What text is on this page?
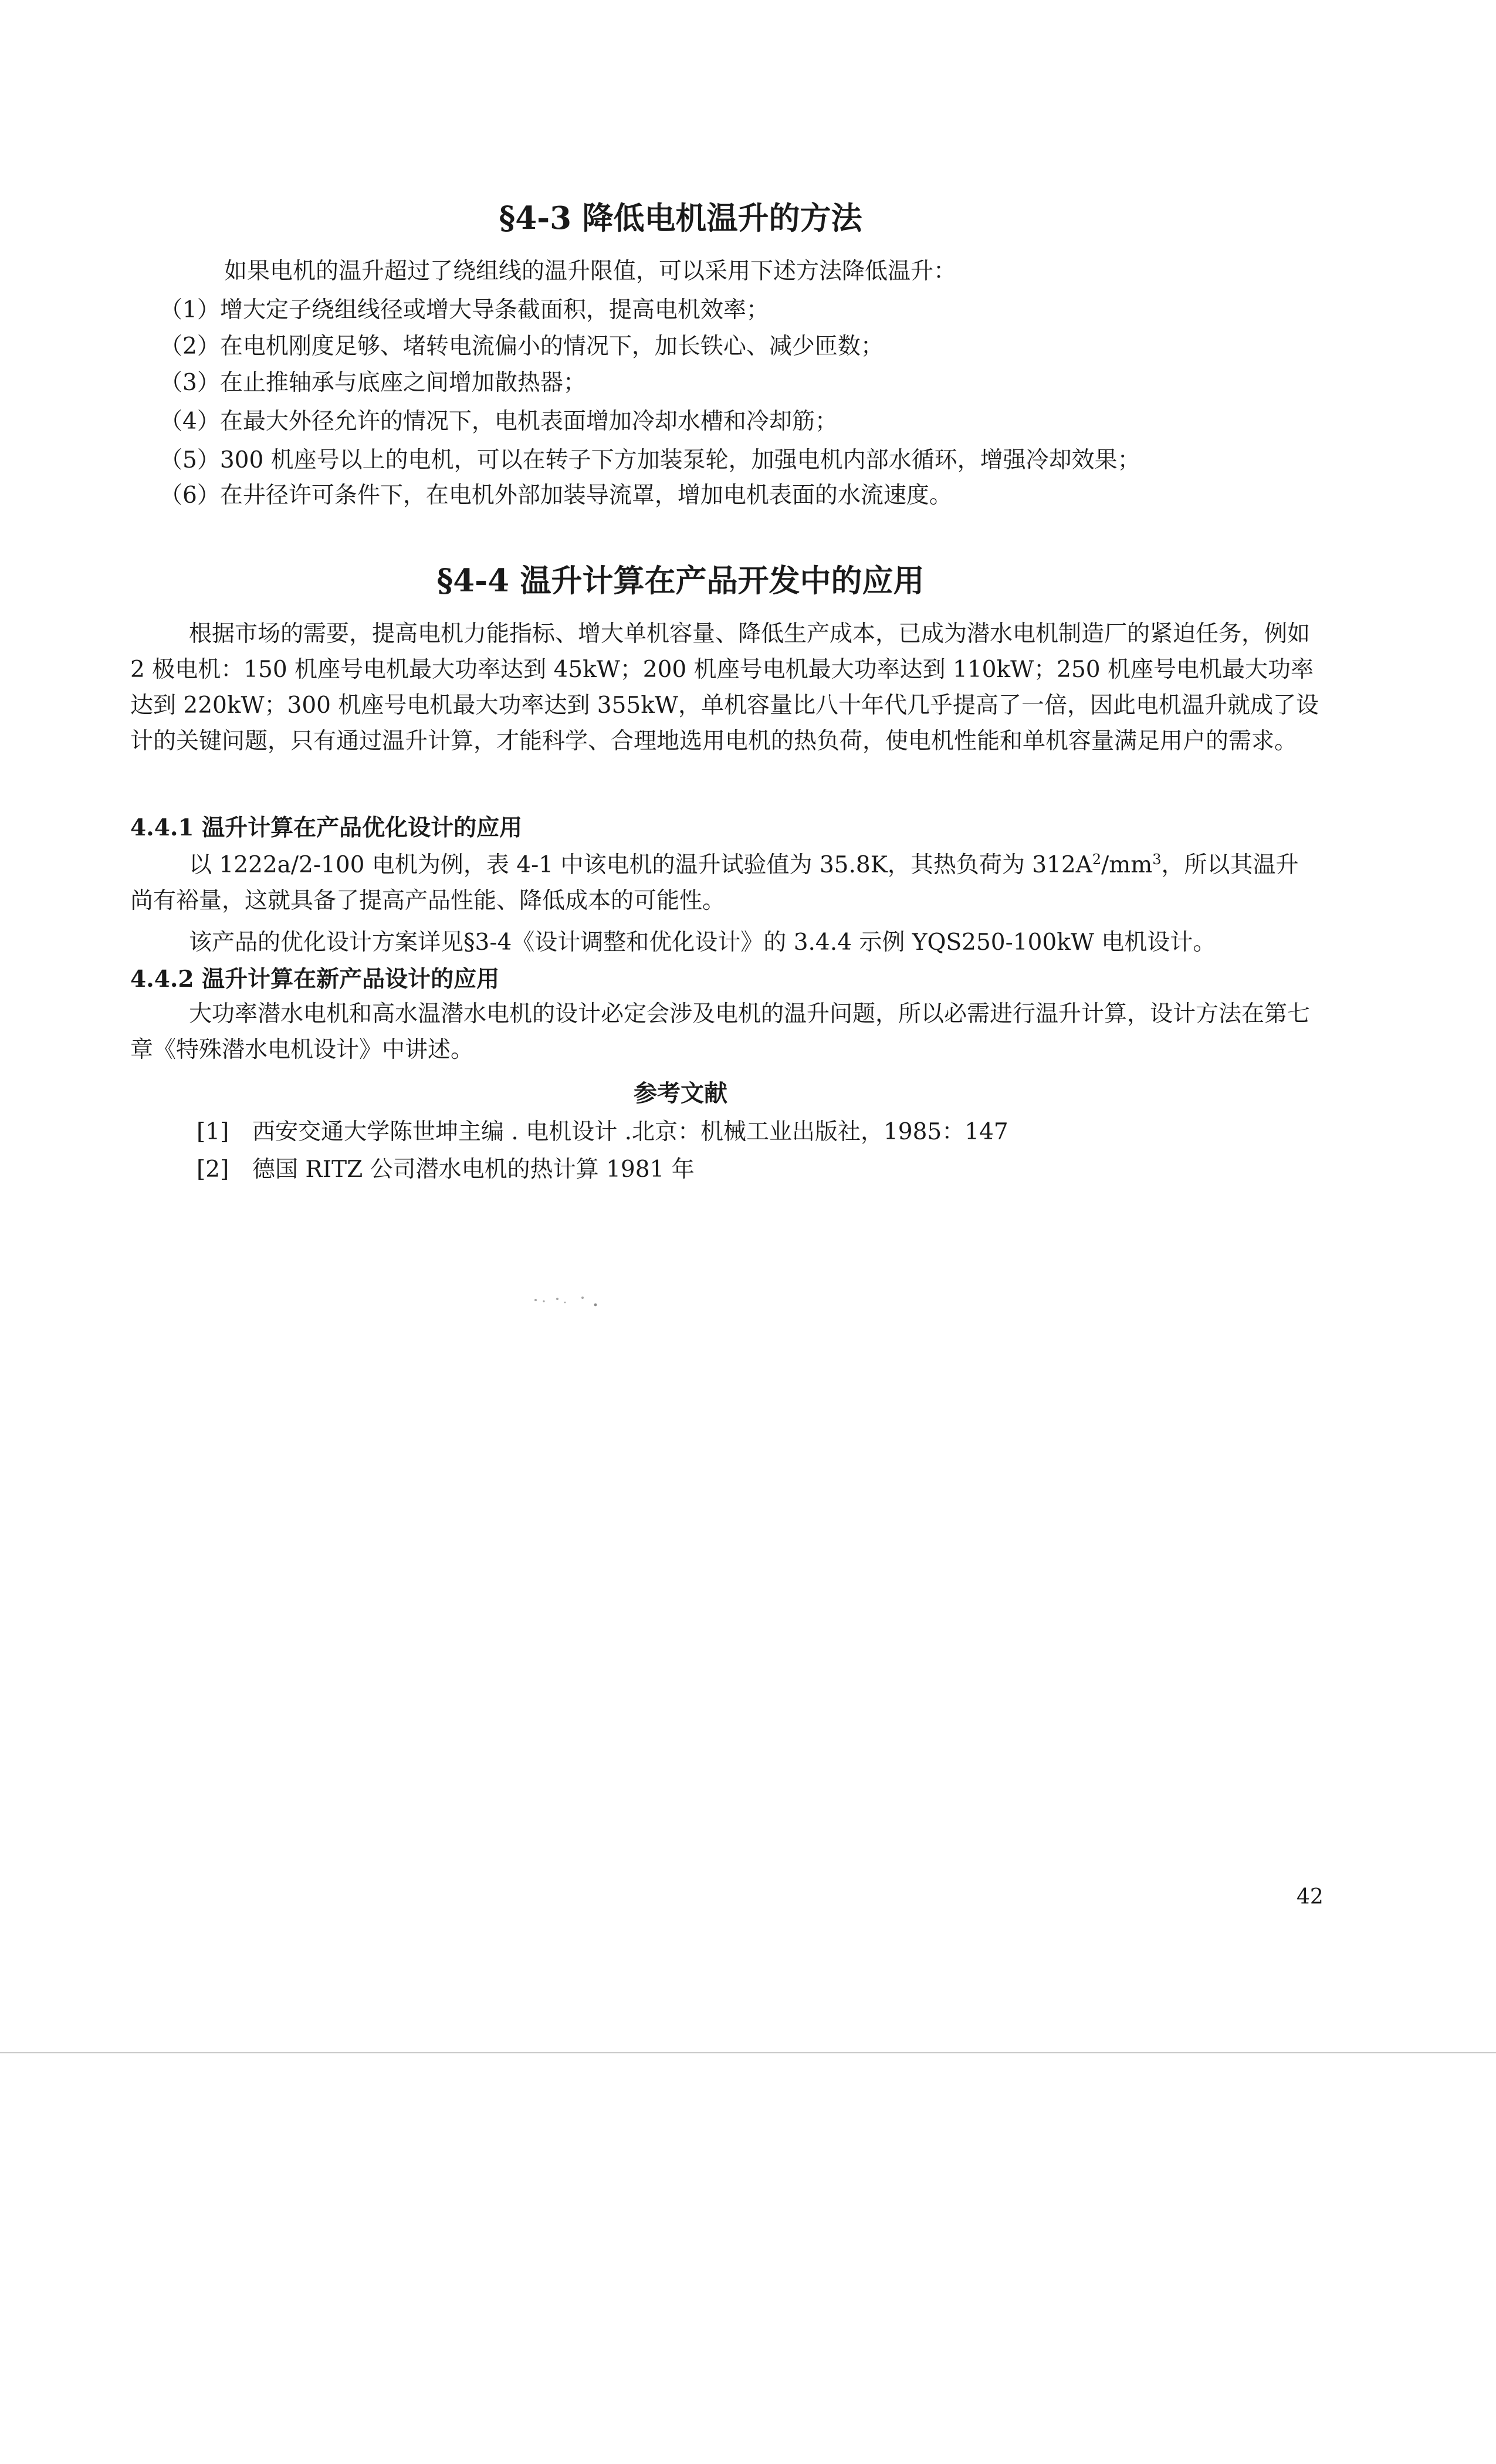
§4-3 降低电机温升的方法
如果电机的温升超过了绕组线的温升限值，可以采用下述方法降低温升：
（1）增大定子绕组线径或增大导条截面积，提高电机效率；
（2）在电机刚度足够、堵转电流偏小的情况下，加长铁心、减少匝数；
（3）在止推轴承与底座之间增加散热器；
（4）在最大外径允许的情况下，电机表面增加冷却水槽和冷却筋；
（5）300 机座号以上的电机，可以在转子下方加装泵轮，加强电机内部水循环，增强冷却效果；
（6）在井径许可条件下，在电机外部加装导流罩，增加电机表面的水流速度。
§4-4 温升计算在产品开发中的应用
根据市场的需要，提高电机力能指标、增大单机容量、降低生产成本，已成为潜水电机制造厂的紧迫任务，例如 2 极电机：150 机座号电机最大功率达到 45kW；200 机座号电机最大功率达到 110kW；250 机座号电机最大功率达到 220kW；300 机座号电机最大功率达到 355kW，单机容量比八十年代几乎提高了一倍，因此电机温升就成了设计的关键问题，只有通过温升计算，才能科学、合理地选用电机的热负荷，使电机性能和单机容量满足用户的需求。
4.4.1 温升计算在产品优化设计的应用
以 1222a/2-100 电机为例，表 4-1 中该电机的温升试验值为 35.8K，其热负荷为 $312A^2/mm^3$，所以其温升尚有裕量，这就具备了提高产品性能、降低成本的可能性。
该产品的优化设计方案详见§3-4《设计调整和优化设计》的 3.4.4 示例 YQS250-100kW 电机设计。
4.4.2 温升计算在新产品设计的应用
大功率潜水电机和高水温潜水电机的设计必定会涉及电机的温升问题，所以必需进行温升计算，设计方法在第七章《特殊潜水电机设计》中讲述。
参考文献
[1] 西安交通大学陈世坤主编 . 电机设计 .北京：机械工业出版社，1985：147
[2] 德国 RITZ 公司潜水电机的热计算 1981 年
42
